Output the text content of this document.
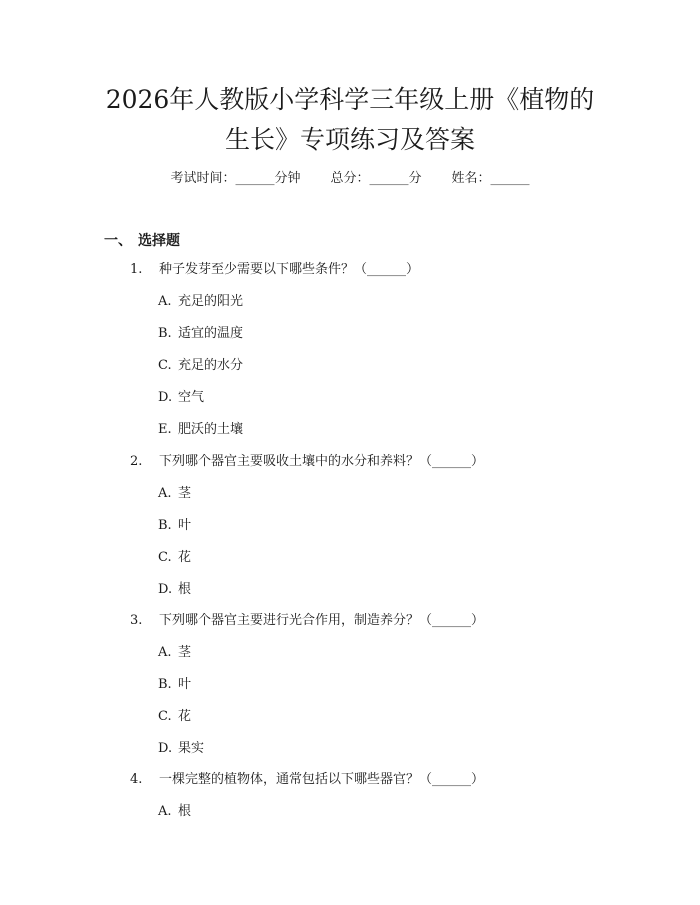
2026年人教版小学科学三年级上册《植物的
生长》专项练习及答案
考试时间：______分钟 总分：______分 姓名：______
一、 选择题
1. 种子发芽至少需要以下哪些条件？（______）
A. 充足的阳光
B. 适宜的温度
C. 充足的水分
D. 空气
E. 肥沃的土壤
2. 下列哪个器官主要吸收土壤中的水分和养料？（______）
A. 茎
B. 叶
C. 花
D. 根
3. 下列哪个器官主要进行光合作用，制造养分？（______）
A. 茎
B. 叶
C. 花
D. 果实
4. 一棵完整的植物体，通常包括以下哪些器官？（______）
A. 根
